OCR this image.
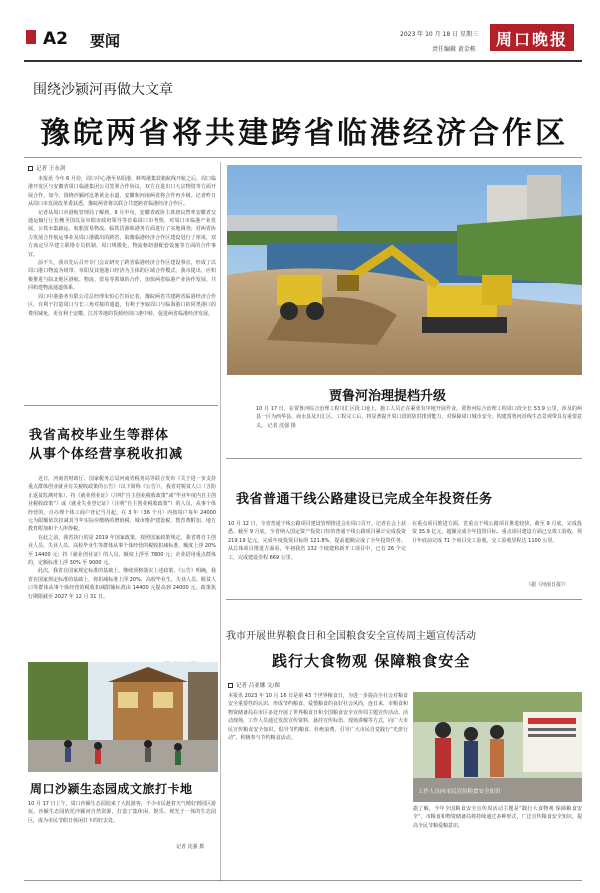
A2 要闻	2023 年 10 月 18 日 星期三
责任编辑 黄金栋
周口晚报
围绕沙颍河再做大文章
豫皖两省将共建跨省临港经济合作区
记者 王永剑

本报讯 今年 6 月份，周口中心港至阜阳港、蚌埠港集装箱航线开航之后，周口临港开发区与安徽省周口临港集团公司签署合作协议，双方在进出口大宗物资等方面开展合作。如今，围绕沙颍河这条黄金水道，安徽和河南两省将合作再升级。记者昨日从周口市发展改革委获悉，豫皖两省将以联合共建跨省临港经济合作区。

记者从周口市港航管理局了解到，9 月中旬，安徽省政协主席唐良智率安徽省交通运输厅厅长鲍圣国以及阜阳市政府领导等莅临周口市考察，对周口市临港产业发展、公铁水集疏运、航船贸易物流、临铁货源和港务方面进行了实地调查；对两省协力发展合作航运事业及周口港做出的跨省、皖豫临港经济合作区建设进行了座谈，双方商定尽早建立联络专员机制、周口规模化、物流枢纽港配套设施等方面的合作事宜。

前不久，我市先后召开专门会议研究了跨省临港经济合作区建设事宜，形成了以周口港口物流为纽带、阜阳及其他港口经济为主体的区域合作模式。我市提出，应积极推进与皖北地区港航、物流、贸易等领域的合作，加快两省临港产业协作发展、共同构建物流通道体系。

周口中港港务有限公司总经理朱恒心告诉记者，豫皖两省共建跨省临港经济合作区，有利于打造周口与长三角对接的通道，有利于争取周口与临海港口的同类港口的费用减免，更有利于安徽、江苏等地的货源经周口港中转，促进两省临港经济发展。

贾鲁河治理提档升级
10 月 17 日，在贾鲁河综合治理工程川汇区段工地上，施工人员正在紧张有序地开展作业。贾鲁河综合治理工程周口段全长 53.9 公里，涉及的两县一区为西华县、商水县及川汇区。工程完工后，将显著提升周口段的防洪排涝能力，对保障周口城市安全、构建贾鲁河沿线生态景观带具有重要意义。 记者 沈强 摄
我省高校毕业生等群体
从事个体经营享税收扣减

近日，河南省财政厅、国家税务总局河南省税务局等联合发布《关于进一步支持重点群体创业就业有关税收政策的公告》（以下简称《公告》），我省对脱贫人口（含防止返贫监测对象）、持《就业创业证》（注明“自主创业税收政策”或“毕业年度内自主创业税收政策”）或《就业失业登记证》（注明“自主创业税收政策”）的人员，从事个体经营的，自办理个体工商户登记当月起，在 3 年（36 个月）内按每户每年 24000 元为限额依次扣减其当年实际应缴纳的增值税、城市维护建设税、教育费附加、地方教育附加和个人所得税。

在此之前，我省执行的是 2019 年国家政策，按照国家政策规定，我省将自主创业人员、失业人员、高校毕业生等群体从事个体经营的税收扣减标准，额度上浮 20% 至 14400 元；持《就业创业证》的人员，额度上浮至 7800 元；企业招用重点群体的，定额标准上浮 30% 至 9000 元。

此次，我省在国家规定标准的基础上，继续顶格落实上述政策，《公告》明确，我省在国家规定标准的基础上，将扣减标准上浮 20%，高校毕业生、失业人员、脱贫人口等群体从事个体经营的税收扣减限额标准由 14400 元提高到 24000 元，政策执行期限截至 2027 年 12 月 31 日。

周口沙颍生态园成文旅打卡地
10 月 17 日上午，周口沙颍生态园迎来了大批游客，不少市民趁着天气晴好到园区游玩。沙颍生态园依托沙颍河自然资源，打造了集休闲、娱乐、观光于一体的生态园区，成为市民节假日休闲打卡的好去处。
记者 沈强 摄
我省普通干线公路建设已完成全年投资任务
10 月 12 日，全省普通干线公路项目建设管理推进会在周口召开。记者在会上获悉，截至 9 月底，全省纳入国定资产投资口径的普通干线公路项目累计完成投资 219.19 亿元，完成年度投资目标的 121.8%，提前超额完成了全年投资任务。从总体项目推进方面看，年初我省 132 个续建和新开工项目中，已有 26 个完工，完成建设里程 669 公里。
在重点项目推进方面，省重点干线公路项目推进较快，截至 9 月底，完成投资 35.9 亿元，超额完成全年投资目标。重点项目建设方面已交竣工验收，预计年底前完成 71 个项目交工验收，交工验收里程达 1100 公里。
（据《河南日报》）
我市开展世界粮食日和全国粮食安全宣传周主题宣传活动
践行大食物观 保障粮食安全
记者 吕亚娜 文/图
本报讯 2023 年 10 月 16 日是第 43 个世界粮食日，为进一步提高全社会对粮食安全重要性的认识，形成节约粮食、爱惜粮食的良好社会风尚，连日来，市粮食和物资储备局在市区多处开展了世界粮食日和全国粮食安全宣传周主题宣传活动。活动现场，工作人员通过发放宣传资料、悬挂宣传标语、现场讲解等方式，向广大市民宣传粮食安全知识，倡导节约粮食、杜绝浪费，引导广大市民自觉践行“光盘行动”，积极参与节约粮食活动。
工作人员向市民宣传粮食安全知识
据了解，今年全国粮食安全宣传周活动主题是“践行大食物观 保障粮食安全”，市粮食和物资储备局将持续通过多种形式，广泛宣传粮食安全知识，提高全民节粮爱粮意识。
